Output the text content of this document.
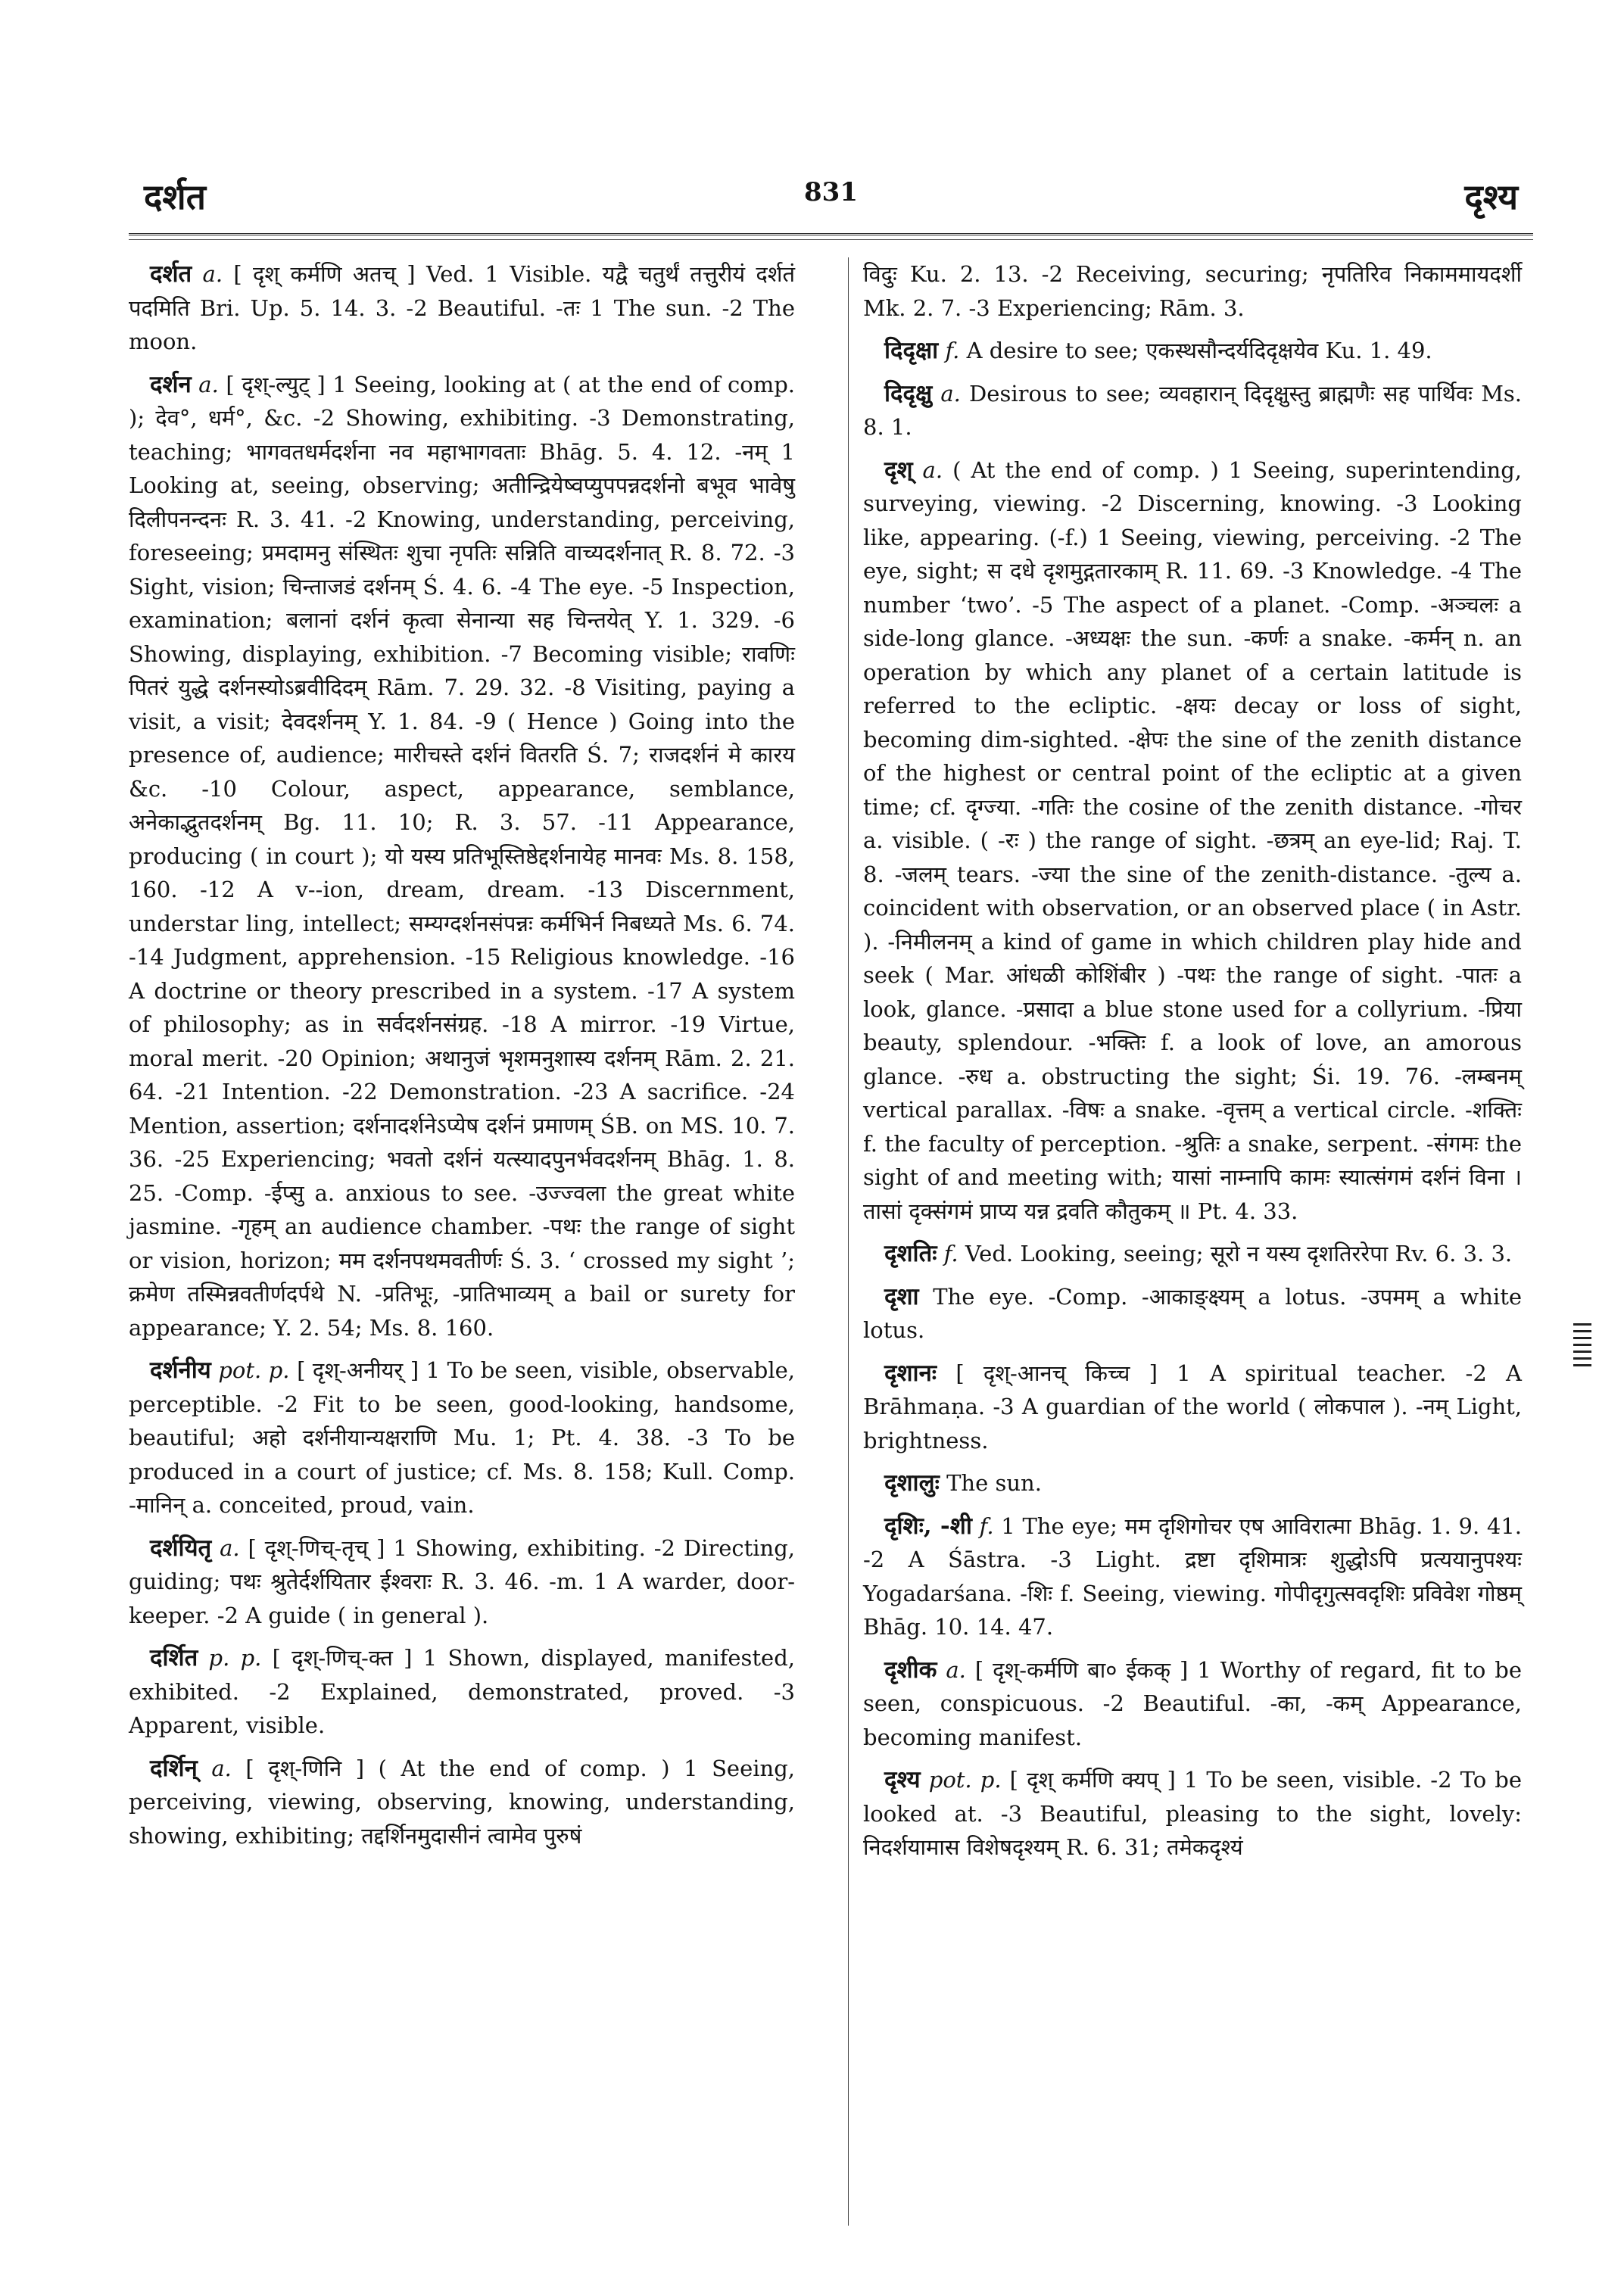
दर्शत	831	दृश्य

दर्शत a. [ दृश् कर्मणि अतच् ] Ved. 1 Visible. यद्वै चतुर्थं तत्तुरीयं दर्शतं पदमिति Bri. Up. 5. 14. 3. -2 Beautiful. -तः 1 The sun. -2 The moon.

दर्शन a. [ दृश्-ल्युट् ] 1 Seeing, looking at ( at the end of comp. ); देव°, धर्म°, &c. -2 Showing, exhibiting. -3 Demonstrating, teaching; भागवतधर्मदर्शना नव महाभागवताः Bhāg. 5. 4. 12. -नम् 1 Looking at, seeing, observing; अतीन्द्रियेष्वप्युपपन्नदर्शनो बभूव भावेषु दिलीपनन्दनः R. 3. 41. -2 Knowing, understanding, perceiving, foreseeing; प्रमदामनु संस्थितः शुचा नृपतिः सन्निति वाच्यदर्शनात् R. 8. 72. -3 Sight, vision; चिन्ताजडं दर्शनम् Ś. 4. 6. -4 The eye. -5 Inspection, examination; बलानां दर्शनं कृत्वा सेनान्या सह चिन्तयेत् Y. 1. 329. -6 Showing, displaying, exhibition. -7 Becoming visible; रावणिः पितरं युद्धे दर्शनस्योऽब्रवीदिदम् Rām. 7. 29. 32. -8 Visiting, paying a visit, a visit; देवदर्शनम् Y. 1. 84. -9 ( Hence ) Going into the presence of, audience; मारीचस्ते दर्शनं वितरति Ś. 7; राजदर्शनं मे कारय &c. -10 Colour, aspect, appearance, semblance, अनेकाद्भुतदर्शनम् Bg. 11. 10; R. 3. 57. -11 Appearance, producing ( in court ); यो यस्य प्रतिभूस्तिष्ठेद्दर्शनायेह मानवः Ms. 8. 158, 160. -12 A v‑‑ion, dream, dream. -13 Discernment, understar ling, intellect; सम्यग्दर्शनसंपन्नः कर्मभिर्न निबध्यते Ms. 6. 74. -14 Judgment, apprehension. -15 Religious knowledge. -16 A doctrine or theory prescribed in a system. -17 A system of philosophy; as in सर्वदर्शनसंग्रह. -18 A mirror. -19 Virtue, moral merit. -20 Opinion; अथानुजं भृशमनुशास्य दर्शनम् Rām. 2. 21. 64. -21 Intention. -22 Demonstration. -23 A sacrifice. -24 Mention, assertion; दर्शनादर्शनेऽप्येष दर्शनं प्रमाणम् ŚB. on MS. 10. 7. 36. -25 Experiencing; भवतो दर्शनं यत्स्यादपुनर्भवदर्शनम् Bhāg. 1. 8. 25. -Comp. -ईप्सु a. anxious to see. -उज्ज्वला the great white jasmine. -गृहम् an audience chamber. -पथः the range of sight or vision, horizon; मम दर्शनपथमवतीर्णः Ś. 3. ‘ crossed my sight ’; क्रमेण तस्मिन्नवतीर्णदर्पथे N. -प्रतिभूः, -प्रातिभाव्यम् a bail or surety for appearance; Y. 2. 54; Ms. 8. 160.

दर्शनीय pot. p. [ दृश्-अनीयर् ] 1 To be seen, visible, observable, perceptible. -2 Fit to be seen, good-looking, handsome, beautiful; अहो दर्शनीयान्यक्षराणि Mu. 1; Pt. 4. 38. -3 To be produced in a court of justice; cf. Ms. 8. 158; Kull. Comp. -मानिन् a. conceited, proud, vain.

दर्शयितृ a. [ दृश्-णिच्-तृच् ] 1 Showing, exhibiting. -2 Directing, guiding; पथः श्रुतेर्दर्शयितार ईश्वराः R. 3. 46. -m. 1 A warder, door-keeper. -2 A guide ( in general ).

दर्शित p. p. [ दृश्-णिच्-क्त ] 1 Shown, displayed, manifested, exhibited. -2 Explained, demonstrated, proved. -3 Apparent, visible.

दर्शिन् a. [ दृश्-णिनि ] ( At the end of comp. ) 1 Seeing, perceiving, viewing, observing, knowing, understanding, showing, exhibiting; तद्दर्शिनमुदासीनं त्वामेव पुरुषं

विदुः Ku. 2. 13. -2 Receiving, securing; नृपतिरिव निकाममायदर्शी Mk. 2. 7. -3 Experiencing; Rām. 3.

दिदृक्षा f. A desire to see; एकस्थसौन्दर्यदिदृक्षयेव Ku. 1. 49.

दिदृक्षु a. Desirous to see; व्यवहारान् दिदृक्षुस्तु ब्राह्मणैः सह पार्थिवः Ms. 8. 1.

दृश् a. ( At the end of comp. ) 1 Seeing, superintending, surveying, viewing. -2 Discerning, knowing. -3 Looking like, appearing. (-f.) 1 Seeing, viewing, perceiving. -2 The eye, sight; स दधे दृशमुद्गतारकाम् R. 11. 69. -3 Knowledge. -4 The number ‘two’. -5 The aspect of a planet. -Comp. -अञ्चलः a side-long glance. -अध्यक्षः the sun. -कर्णः a snake. -कर्मन् n. an operation by which any planet of a certain latitude is referred to the ecliptic. -क्षयः decay or loss of sight, becoming dim-sighted. -क्षेपः the sine of the zenith distance of the highest or central point of the ecliptic at a given time; cf. दृग्ज्या. -गतिः the cosine of the zenith distance. -गोचर a. visible. ( -रः ) the range of sight. -छत्रम् an eye-lid; Raj. T. 8. -जलम् tears. -ज्या the sine of the zenith-distance. -तुल्य a. coincident with observation, or an observed place ( in Astr. ). -निमीलनम् a kind of game in which children play hide and seek ( Mar. आंधळी कोशिंबीर ) -पथः the range of sight. -पातः a look, glance. -प्रसादा a blue stone used for a collyrium. -प्रिया beauty, splendour. -भक्तिः f. a look of love, an amorous glance. -रुध a. obstructing the sight; Śi. 19. 76. -लम्बनम् vertical parallax. -विषः a snake. -वृत्तम् a vertical circle. -शक्तिः f. the faculty of perception. -श्रुतिः a snake, serpent. -संगमः the sight of and meeting with; यासां नाम्नापि कामः स्यात्संगमं दर्शनं विना । तासां दृक्संगमं प्राप्य यन्न द्रवति कौतुकम् ॥ Pt. 4. 33.

दृशतिः f. Ved. Looking, seeing; सूरो न यस्य दृशतिररेपा Rv. 6. 3. 3.

दृशा The eye. -Comp. -आकाङ्क्ष्यम् a lotus. -उपमम् a white lotus.

दृशानः [ दृश्-आनच् किच्च ] 1 A spiritual teacher. -2 A Brāhmaṇa. -3 A guardian of the world ( लोकपाल ). -नम् Light, brightness.

दृशालुः The sun.

दृशिः, -शी f. 1 The eye; मम दृशिगोचर एष आविरात्मा Bhāg. 1. 9. 41. -2 A Śāstra. -3 Light. द्रष्टा दृशिमात्रः शुद्धोऽपि प्रत्ययानुपश्यः Yogadarśana. -शिः f. Seeing, viewing. गोपीदृगुत्सवदृशिः प्रविवेश गोष्ठम् Bhāg. 10. 14. 47.

दृशीक a. [ दृश्-कर्मणि बा० ईकक् ] 1 Worthy of regard, fit to be seen, conspicuous. -2 Beautiful. -का, -कम् Appearance, becoming manifest.

दृश्य pot. p. [ दृश् कर्मणि क्यप् ] 1 To be seen, visible. -2 To be looked at. -3 Beautiful, pleasing to the sight, lovely: निदर्शयामास विशेषदृश्यम् R. 6. 31; तमेकदृश्यं
